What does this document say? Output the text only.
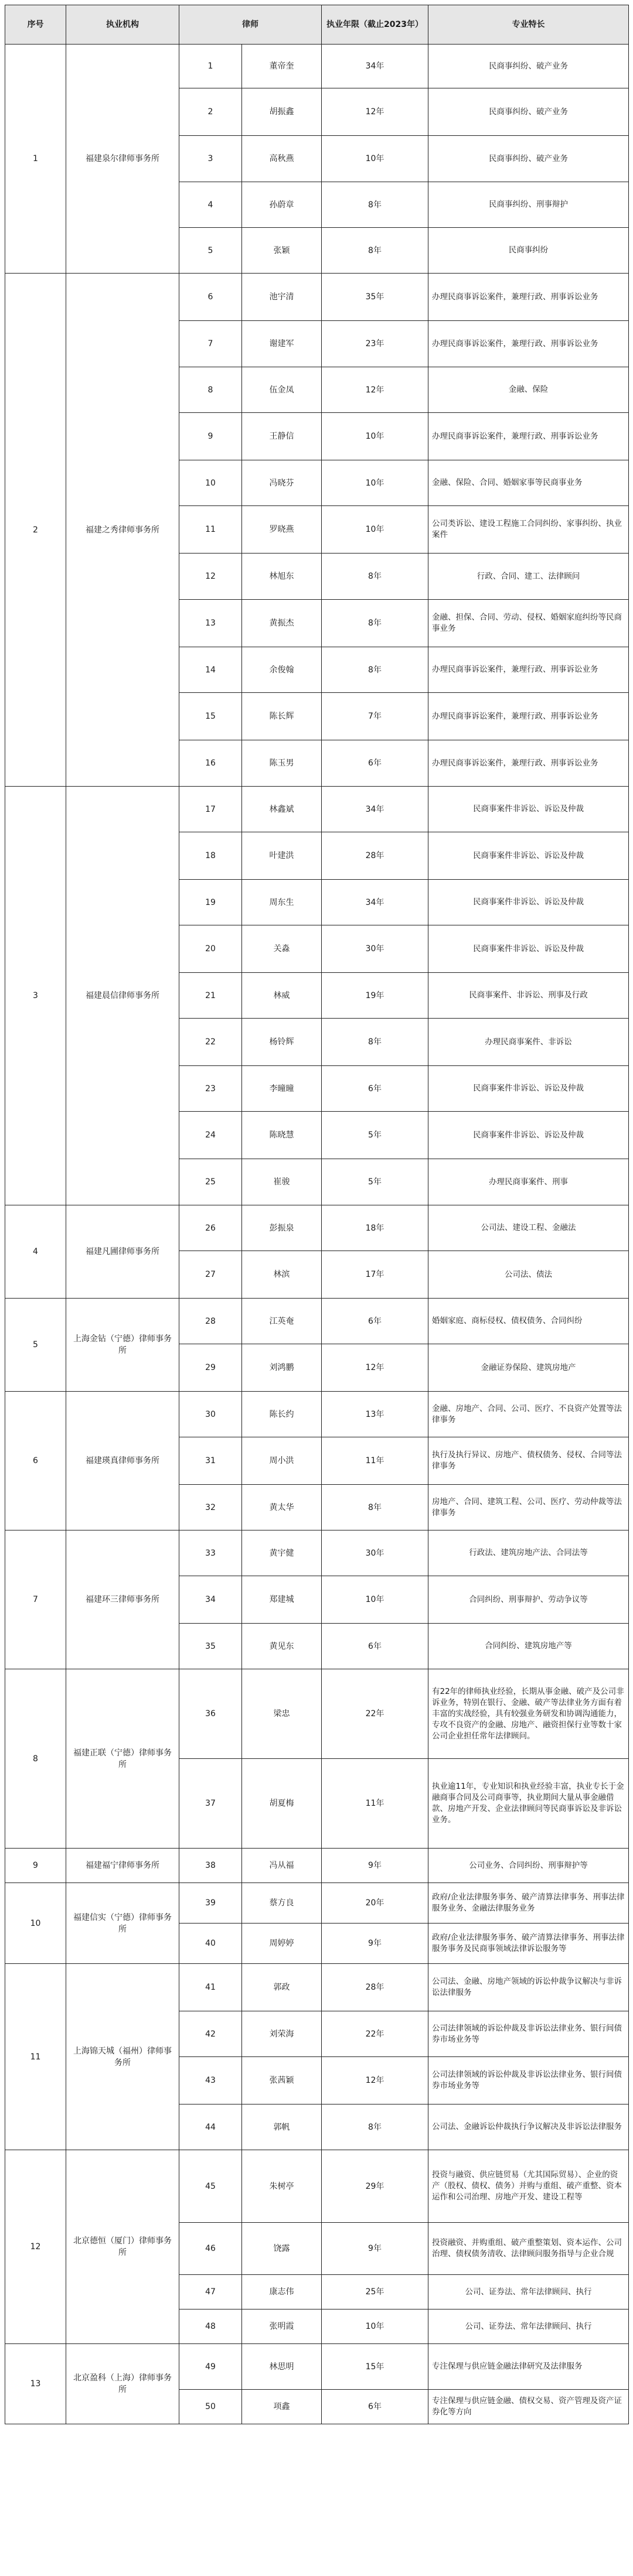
序号	执业机构	律师		执业年限（截止2023年）	专业特长
1	福建泉尔律师事务所	1	董帝奎	34年	民商事纠纷、破产业务
		2	胡振鑫	12年	民商事纠纷、破产业务
		3	高秋燕	10年	民商事纠纷、破产业务
		4	孙蔚章	8年	民商事纠纷、刑事辩护
		5	张颖	8年	民商事纠纷
2	福建之秀律师事务所	6	池宇清	35年	办理民商事诉讼案件，兼理行政、刑事诉讼业务
		7	谢建军	23年	办理民商事诉讼案件，兼理行政、刑事诉讼业务
		8	伍金凤	12年	金融、保险
		9	王静信	10年	办理民商事诉讼案件，兼理行政、刑事诉讼业务
		10	冯晓芬	10年	金融、保险、合同、婚姻家事等民商事业务
		11	罗晓燕	10年	公司类诉讼、建设工程施工合同纠纷、家事纠纷、执业案件
		12	林旭东	8年	行政、合同、建工、法律顾问
		13	黄振杰	8年	金融、担保、合同、劳动、侵权、婚姻家庭纠纷等民商事业务
		14	余俊翰	8年	办理民商事诉讼案件，兼理行政、刑事诉讼业务
		15	陈长辉	7年	办理民商事诉讼案件，兼理行政、刑事诉讼业务
		16	陈玉男	6年	办理民商事诉讼案件，兼理行政、刑事诉讼业务
3	福建晨信律师事务所	17	林鑫斌	34年	民商事案件非诉讼、诉讼及仲裁
		18	叶建洪	28年	民商事案件非诉讼、诉讼及仲裁
		19	周东生	34年	民商事案件非诉讼、诉讼及仲裁
		20	关淼	30年	民商事案件非诉讼、诉讼及仲裁
		21	林威	19年	民商事案件、非诉讼、刑事及行政
		22	杨铃辉	8年	办理民商事案件、非诉讼
		23	李曈曈	6年	民商事案件非诉讼、诉讼及仲裁
		24	陈晓慧	5年	民商事案件非诉讼、诉讼及仲裁
		25	崔骏	5年	办理民商事案件、刑事
4	福建凡圃律师事务所	26	彭振泉	18年	公司法、建设工程、金融法
		27	林滨	17年	公司法、债法
5	上海金钻（宁德）律师事务所	28	江英奄	6年	婚姻家庭、商标侵权、债权债务、合同纠纷
		29	刘鸿鹏	12年	金融证券保险、建筑房地产
6	福建瑛真律师事务所	30	陈长约	13年	金融、房地产、合同、公司、医疗、不良资产处置等法律事务
		31	周小洪	11年	执行及执行异议、房地产、债权债务、侵权、合同等法律事务
		32	黄太华	8年	房地产、合同、建筑工程、公司、医疗、劳动仲裁等法律事务
7	福建环三律师事务所	33	黄宇健	30年	行政法、建筑房地产法、合同法等
		34	郑建城	10年	合同纠纷、刑事辩护、劳动争议等
		35	黄见东	6年	合同纠纷、建筑房地产等
8	福建正联（宁德）律师事务所	36	梁忠	22年	有22年的律师执业经验，长期从事金融、破产及公司非诉业务，特别在银行、金融、破产等法律业务方面有着丰富的实战经验，具有较强业务研发和协调沟通能力，专攻不良资产的金融、房地产、融资担保行业等数十家公司企业担任常年法律顾问。
		37	胡夏梅	11年	执业逾11年，专业知识和执业经验丰富，执业专长于金融商事合同及公司商事等，执业期间大量从事金融借款、房地产开发、企业法律顾问等民商事诉讼及非诉讼业务。
9	福建福宁律师事务所	38	冯从福	9年	公司业务、合同纠纷、刑事辩护等
10	福建信实（宁德）律师事务所	39	蔡方良	20年	政府/企业法律服务事务、破产清算法律事务、刑事法律服务业务、金融法律服务业务
		40	周婷婷	9年	政府/企业法律服务事务、破产清算法律事务、刑事法律服务事务及民商事领域法律诉讼服务等
11	上海锦天城（福州）律师事务所	41	郭政	28年	公司法、金融、房地产领域的诉讼仲裁争议解决与非诉讼法律服务
		42	刘荣海	22年	公司法律领域的诉讼仲裁及非诉讼法律业务、银行间债券市场业务等
		43	张茜颖	12年	公司法律领域的诉讼仲裁及非诉讼法律业务、银行间债券市场业务等
		44	郭帆	8年	公司法、金融诉讼仲裁执行争议解决及非诉讼法律服务
12	北京德恒（厦门）律师事务所	45	朱树亭	29年	投资与融资、供应链贸易（尤其国际贸易）、企业的资产（股权、债权、债务）并购与重组、破产重整、资本运作和公司治理、房地产开发、建设工程等
		46	饶露	9年	投资融资、并购重组、破产重整策划、资本运作、公司治理、债权债务清收、法律顾问服务指导与企业合规
		47	康志伟	25年	公司、证券法、常年法律顾问、执行
		48	张明霞	10年	公司、证券法、常年法律顾问、执行
13	北京盈科（上海）律师事务所	49	林思明	15年	专注保理与供应链金融法律研究及法律服务
		50	项鑫	6年	专注保理与供应链金融、债权交易、资产管理及资产证券化等方向
